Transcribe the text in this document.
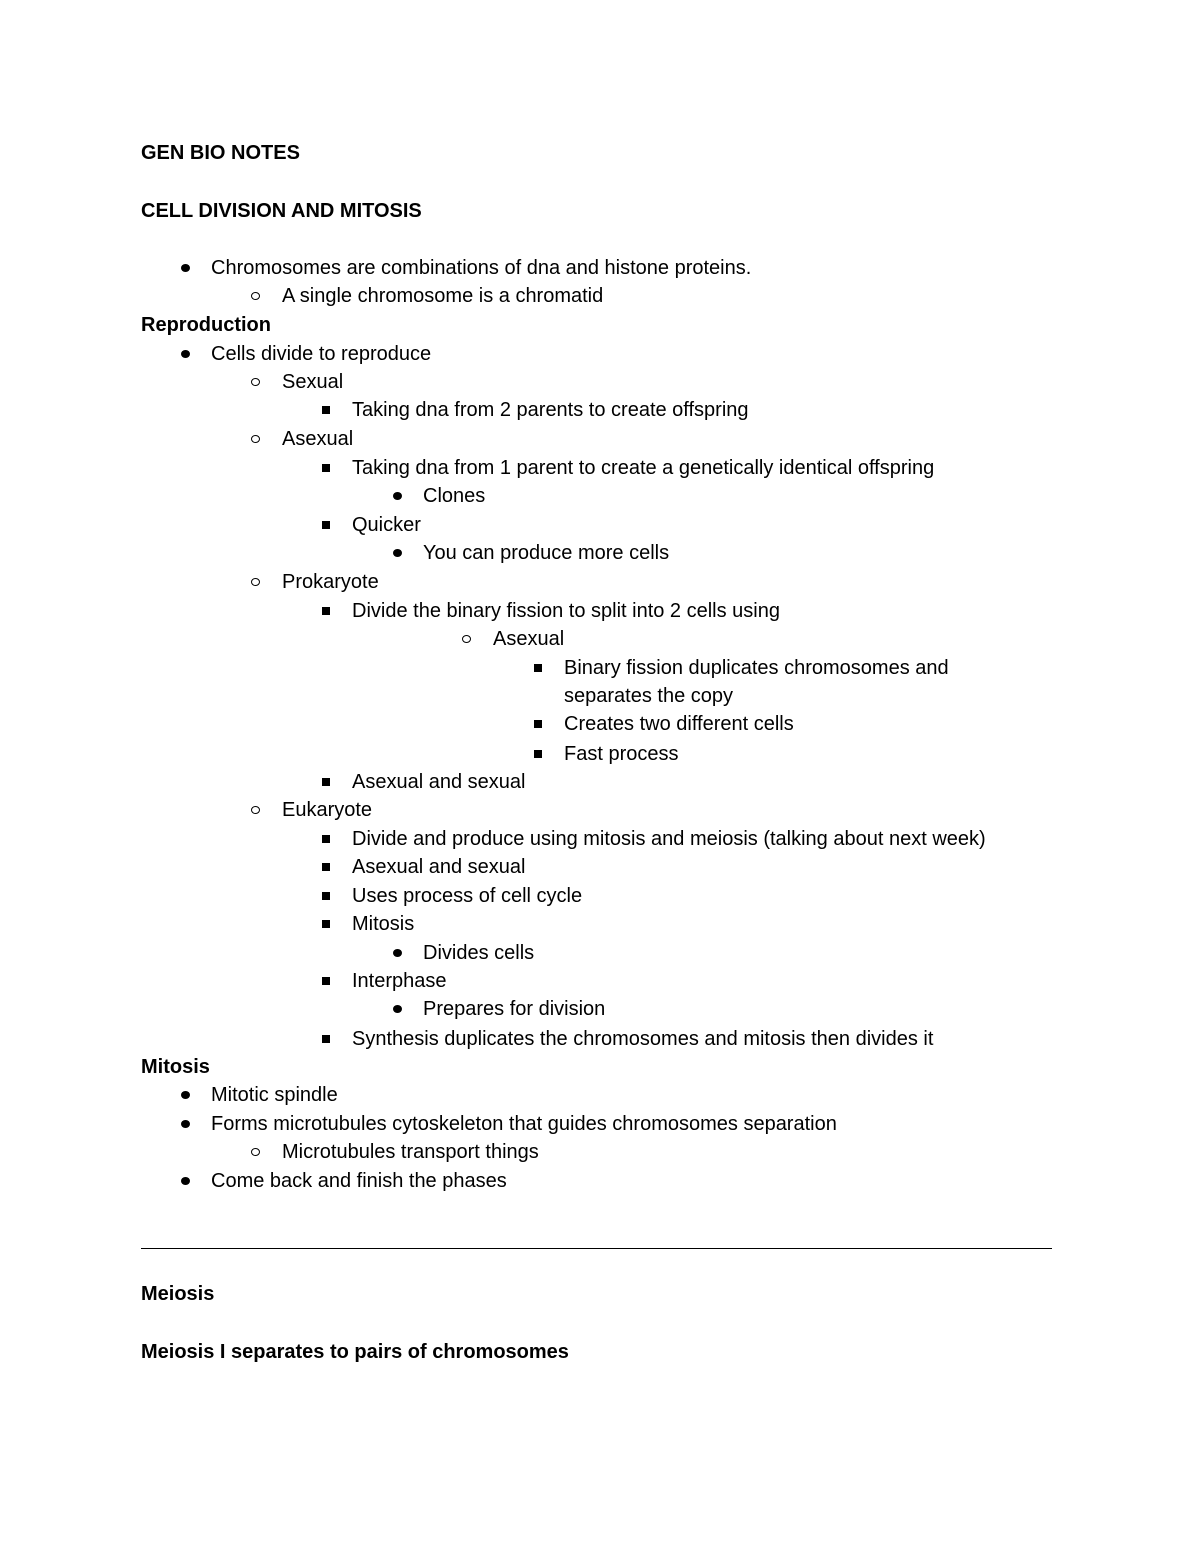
GEN BIO NOTES
CELL DIVISION AND MITOSIS
Chromosomes are combinations of dna and histone proteins.
A single chromosome is a chromatid
Reproduction
Cells divide to reproduce
Sexual
Taking dna from 2 parents to create offspring
Asexual
Taking dna from 1 parent to create a genetically identical offspring
Clones
Quicker
You can produce more cells
Prokaryote
Divide the binary fission to split into 2 cells using
Asexual
Binary fission duplicates chromosomes and
separates the copy
Creates two different cells
Fast process
Asexual and sexual
Eukaryote
Divide and produce using mitosis and meiosis (talking about next week)
Asexual and sexual
Uses process of cell cycle
Mitosis
Divides cells
Interphase
Prepares for division
Synthesis duplicates the chromosomes and mitosis then divides it
Mitosis
Mitotic spindle
Forms microtubules cytoskeleton that guides chromosomes separation
Microtubules transport things
Come back and finish the phases
Meiosis
Meiosis I separates to pairs of chromosomes
